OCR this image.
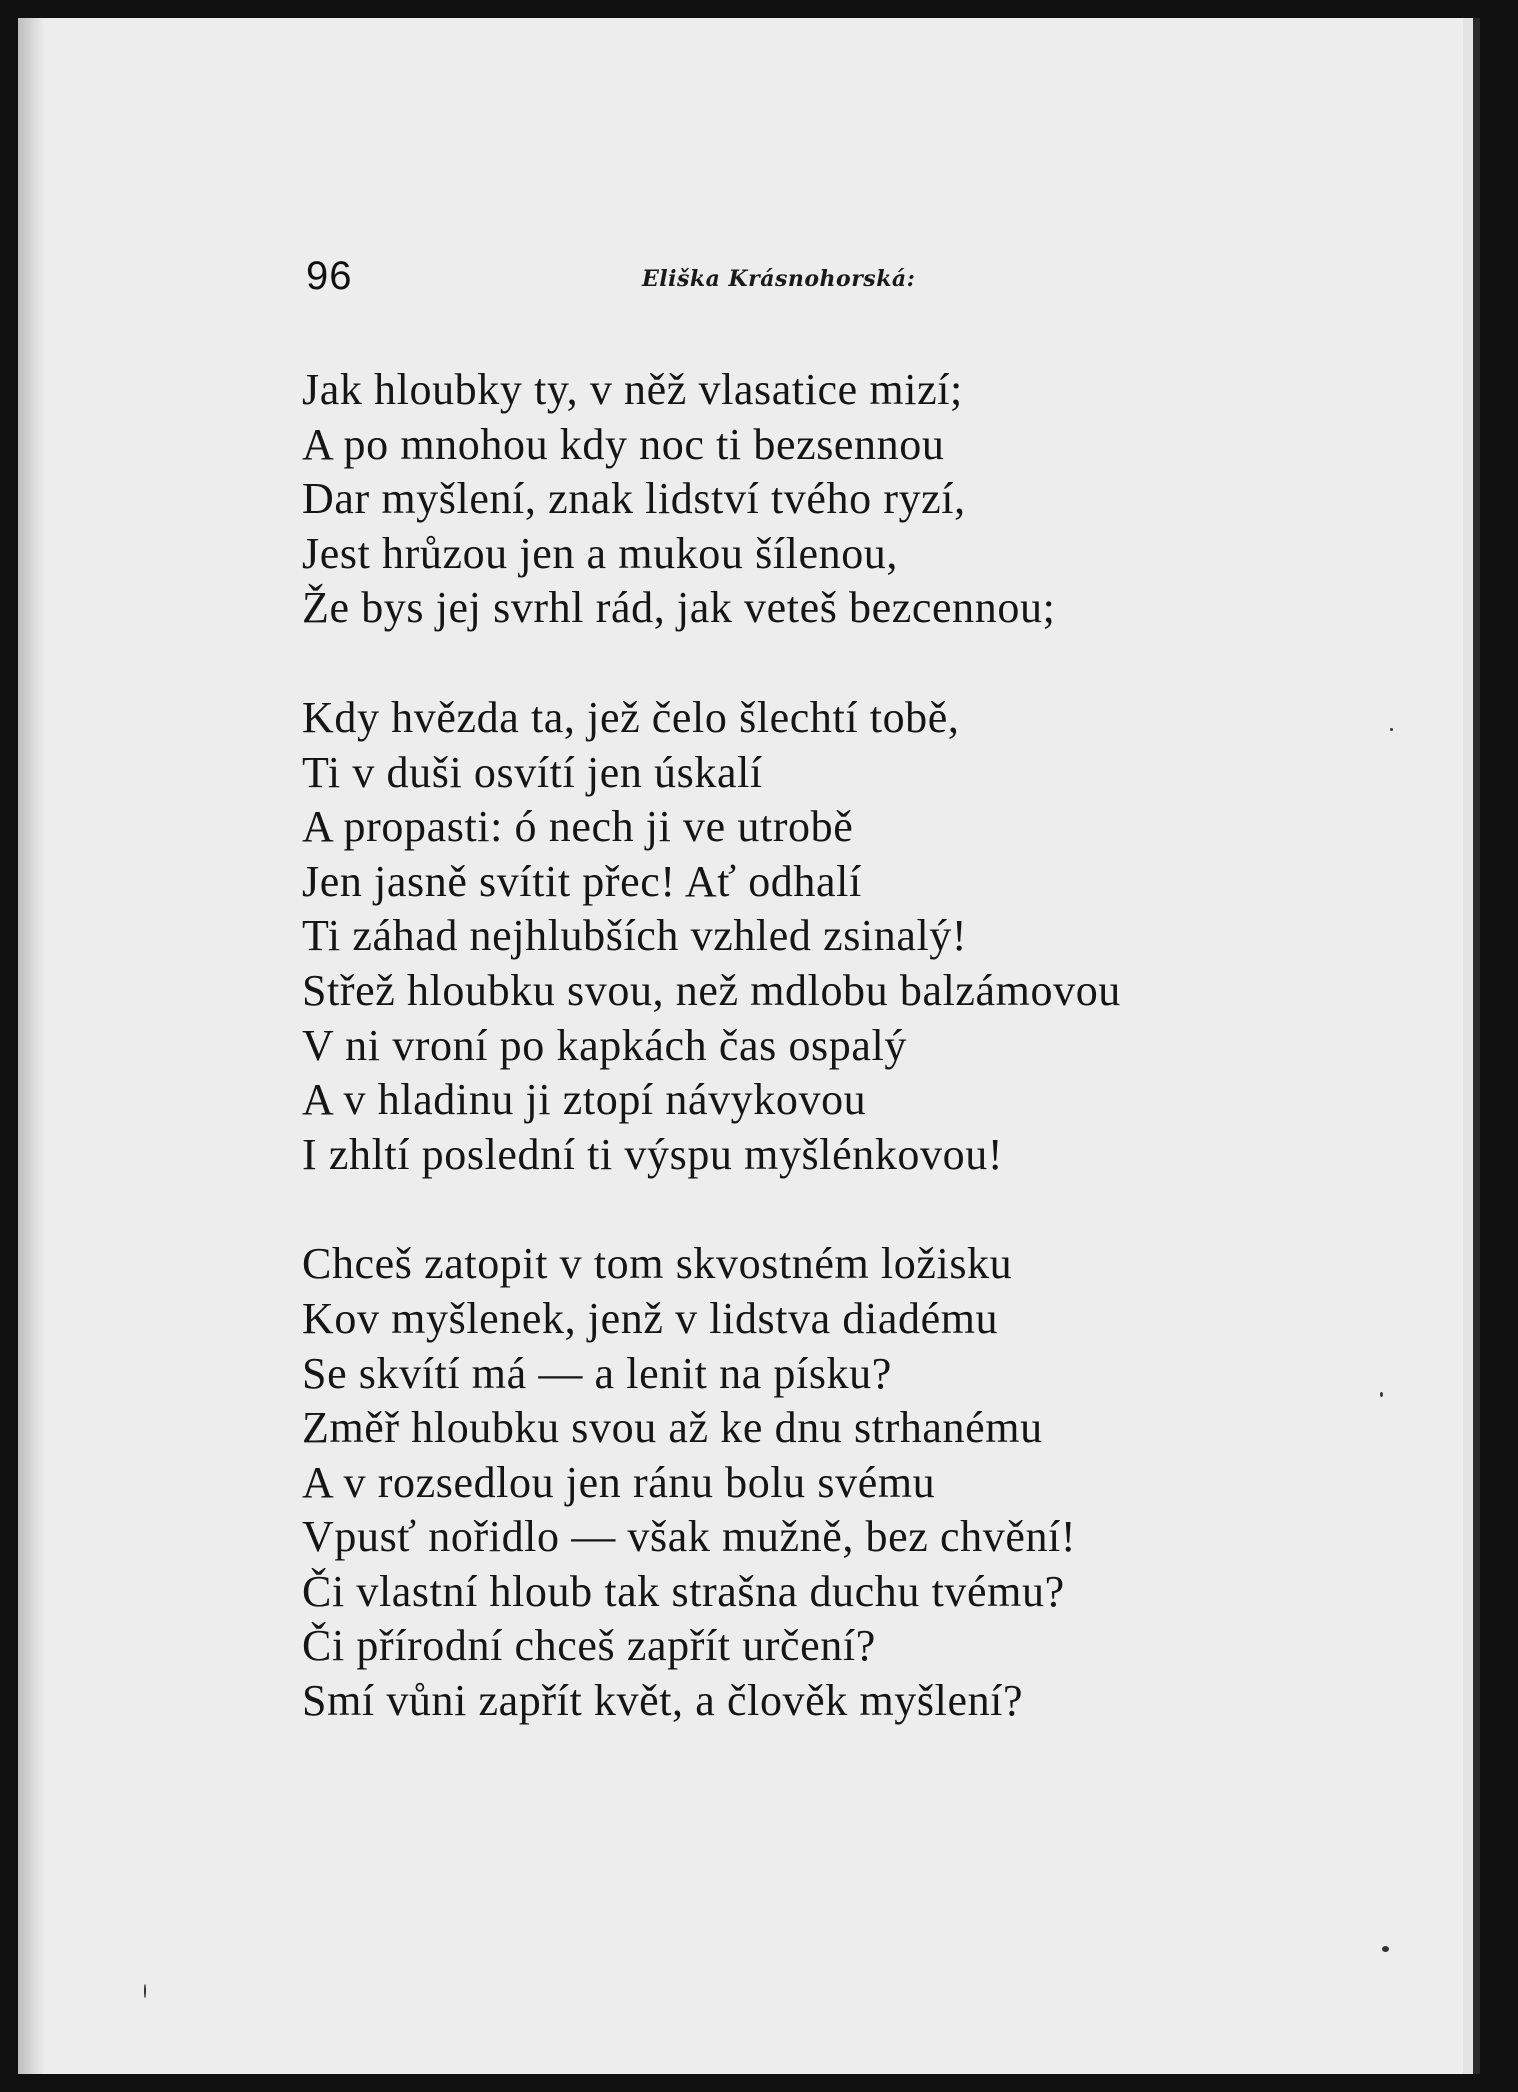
96	Eliška Krásnohorská:

Jak hloubky ty, v něž vlasatice mizí;
A po mnohou kdy noc ti bezsennou
Dar myšlení, znak lidství tvého ryzí,
Jest hrůzou jen a mukou šílenou,
Že bys jej svrhl rád, jak veteš bezcennou;

Kdy hvězda ta, jež čelo šlechtí tobě,
Ti v duši osvítí jen úskalí
A propasti: ó nech ji ve utrobě
Jen jasně svítit přec! Ať odhalí
Ti záhad nejhlubších vzhled zsinalý!
Střež hloubku svou, než mdlobu balzámovou
V ni vroní po kapkách čas ospalý
A v hladinu ji ztopí návykovou
I zhltí poslední ti výspu myšlénkovou!

Chceš zatopit v tom skvostném ložisku
Kov myšlenek, jenž v lidstva diadému
Se skvítí má — a lenit na písku?
Změř hloubku svou až ke dnu strhanému
A v rozsedlou jen ránu bolu svému
Vpusť nořidlo — však mužně, bez chvění!
Či vlastní hloub tak strašna duchu tvému?
Či přírodní chceš zapřít určení?
Smí vůni zapřít květ, a člověk myšlení?
